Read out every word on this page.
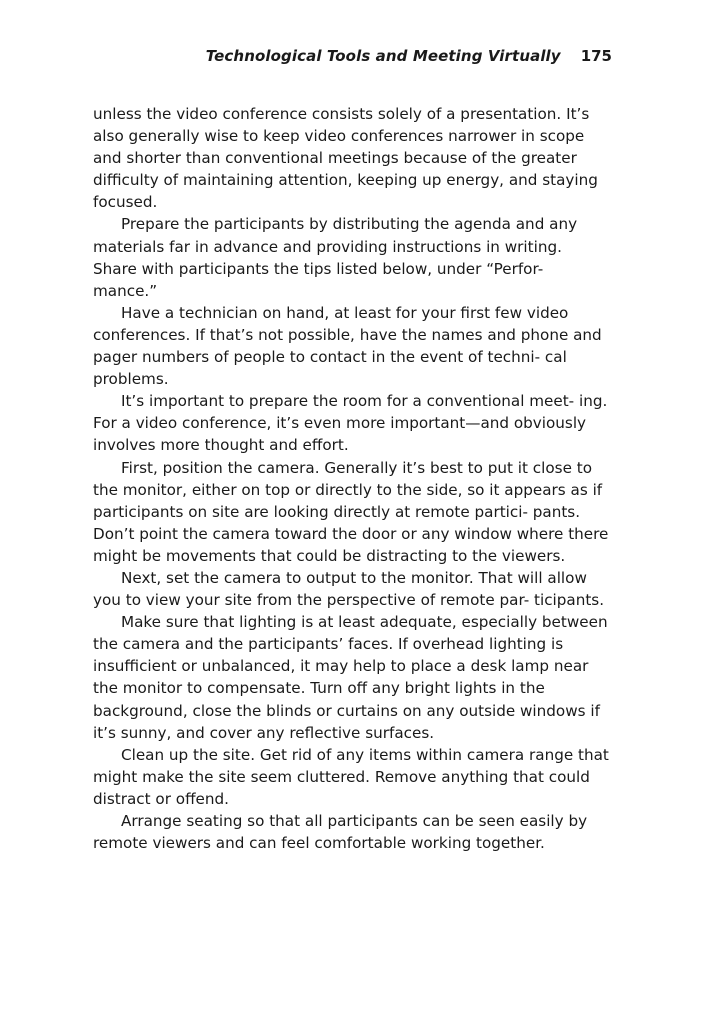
Technological Tools and Meeting Virtually 175

unless the video conference consists solely of a presentation. It’s also generally wise to keep video conferences narrower in scope and shorter than conventional meetings because of the greater difficulty of maintaining attention, keeping up energy, and staying focused.

Prepare the participants by distributing the agenda and any materials far in advance and providing instructions in writing. Share with participants the tips listed below, under “Perfor- mance.”

Have a technician on hand, at least for your first few video conferences. If that’s not possible, have the names and phone and pager numbers of people to contact in the event of techni- cal problems.

It’s important to prepare the room for a conventional meet- ing. For a video conference, it’s even more important—and obviously involves more thought and effort.

First, position the camera. Generally it’s best to put it close to the monitor, either on top or directly to the side, so it appears as if participants on site are looking directly at remote partici- pants. Don’t point the camera toward the door or any window where there might be movements that could be distracting to the viewers.

Next, set the camera to output to the monitor. That will allow you to view your site from the perspective of remote par- ticipants.

Make sure that lighting is at least adequate, especially between the camera and the participants’ faces. If overhead lighting is insufficient or unbalanced, it may help to place a desk lamp near the monitor to compensate. Turn off any bright lights in the background, close the blinds or curtains on any outside windows if it’s sunny, and cover any reflective surfaces.

Clean up the site. Get rid of any items within camera range that might make the site seem cluttered. Remove anything that could distract or offend.

Arrange seating so that all participants can be seen easily by remote viewers and can feel comfortable working together.
